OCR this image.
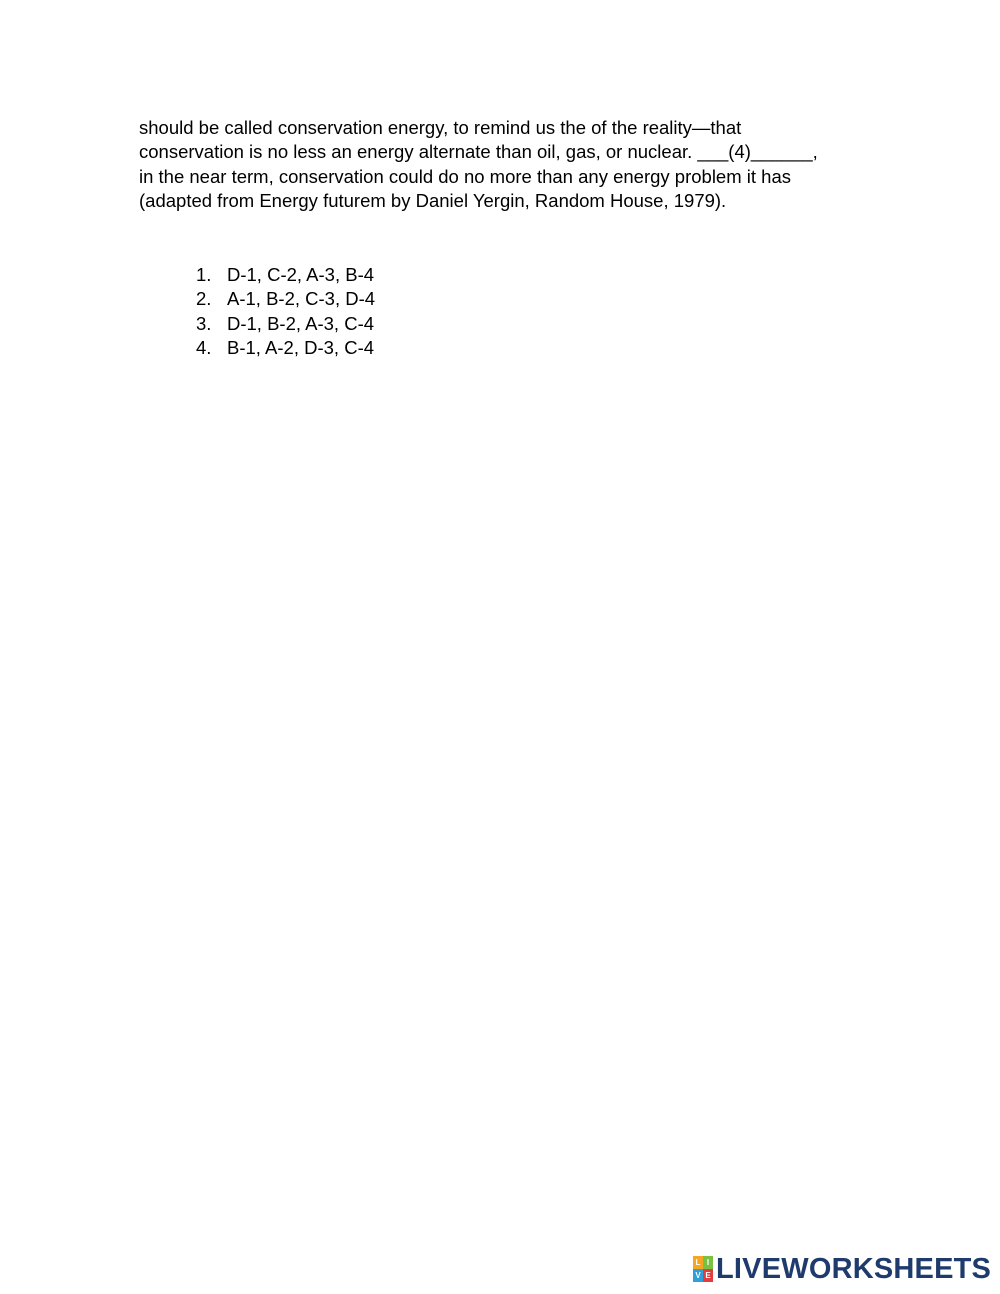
should be called conservation energy, to remind us the of the reality—that
conservation is no less an energy alternate than oil, gas, or nuclear. ___(4)______,
in the near term, conservation could do no more than any energy problem it has
(adapted from Energy futurem by Daniel Yergin, Random House, 1979).
1. D-1, C-2, A-3, B-4
2. A-1, B-2, C-3, D-4
3. D-1, B-2, A-3, C-4
4. B-1, A-2, D-3, C-4
L I
V E LIVEWORKSHEETS
